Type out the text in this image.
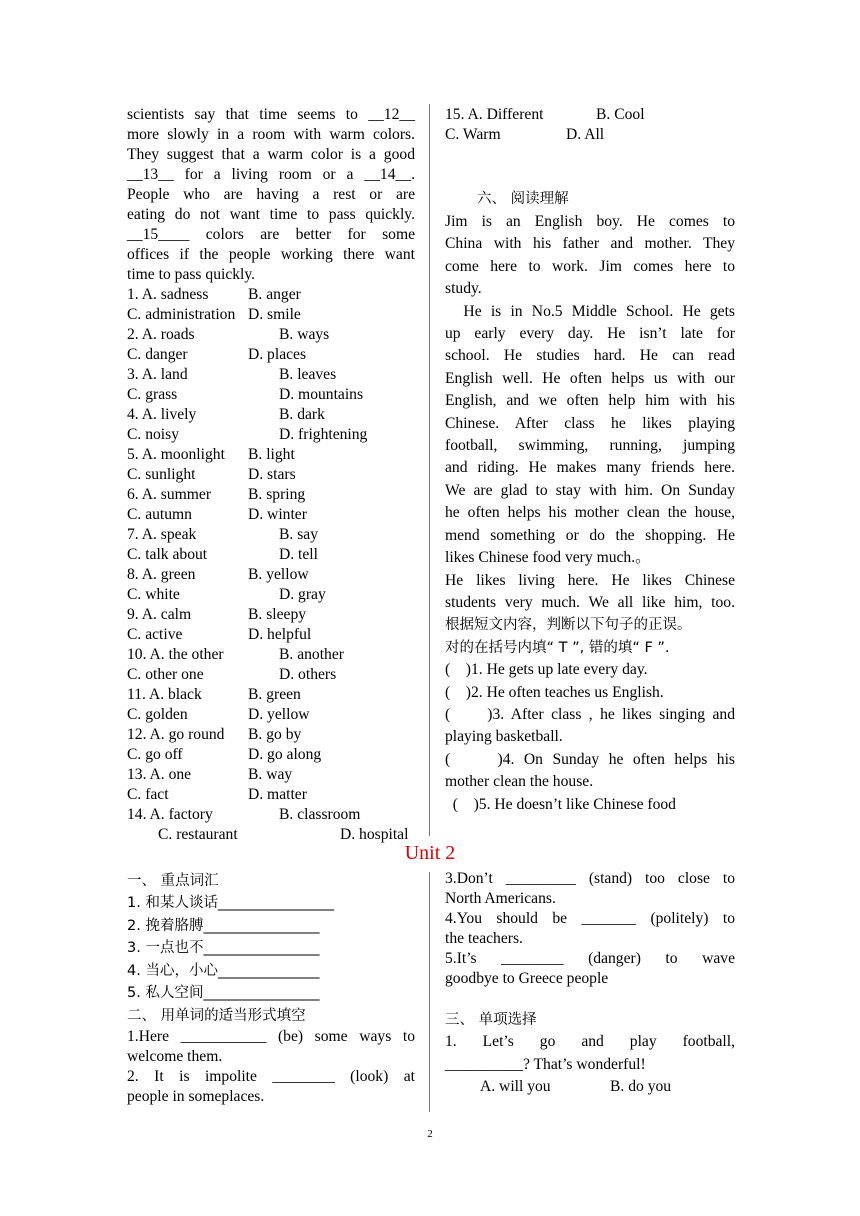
scientists say that time seems to __12__
more slowly in a room with warm colors.
They suggest that a warm color is a good
__13__ for a living room or a __14__.
People who are having a rest or are
eating do not want time to pass quickly.
__15____ colors are better for some
offices if the people working there want
time to pass quickly.
1. A. sadness	B. anger
C. administration D. smile
2. A. roads	B. ways
C. danger	D. places
3. A. land	B. leaves
C. grass	D. mountains
4. A. lively	B. dark
C. noisy	D. frightening
5. A. moonlight	B. light
C. sunlight	D. stars
6. A. summer	B. spring
C. autumn	D. winter
7. A. speak	B. say
C. talk about	D. tell
8. A. green	B. yellow
C. white	D. gray
9. A. calm	B. sleepy
C. active	D. helpful
10. A. the other	B. another
C. other one	D. others
11. A. black	B. green
C. golden	D. yellow
12. A. go round	B. go by
C. go off	D. go along
13. A. one	B. way
C. fact	D. matter
14. A. factory	B. classroom
C. restaurant	D. hospital
15. A. Different	B. Cool
C. Warm	D. All
六、 阅读理解
Jim is an English boy. He comes to
China with his father and mother. They
come here to work. Jim comes here to
study.
He is in No.5 Middle School. He gets
up early every day. He isn’t late for
school. He studies hard. He can read
English well. He often helps us with our
English, and we often help him with his
Chinese. After class he likes playing
football, swimming, running, jumping
and riding. He makes many friends here.
We are glad to stay with him. On Sunday
he often helps his mother clean the house,
mend something or do the shopping. He
likes Chinese food very much.。
He likes living here. He likes Chinese
students very much. We all like him, too.
根据短文内容，判断以下句子的正误。
对的在括号内填“ T ”, 错的填“ F ”.
(    )1. He gets up late every day.
(    )2. He often teaches us English.
(     )3. After class , he likes singing and
playing basketball.
(     )4. On Sunday he often helps his
mother clean the house.
(    )5. He doesn’t like Chinese food
Unit 2
一、 重点词汇
1. 和某人谈话________________
2. 挽着胳膊________________
3. 一点也不________________
4. 当心，小心______________
5. 私人空间________________
二、 用单词的适当形式填空
1.Here ___________ (be) some ways to
welcome them.
2. It is impolite ________ (look) at
people in someplaces.
3.Don’t _________ (stand) too close to
North Americans.
4.You should be _______ (politely) to
the teachers.
5.It’s ________ (danger) to wave
goodbye to Greece people
三、 单项选择
1. Let’s go and play football,
__________? That’s wonderful!
A. will you	B. do you
2
